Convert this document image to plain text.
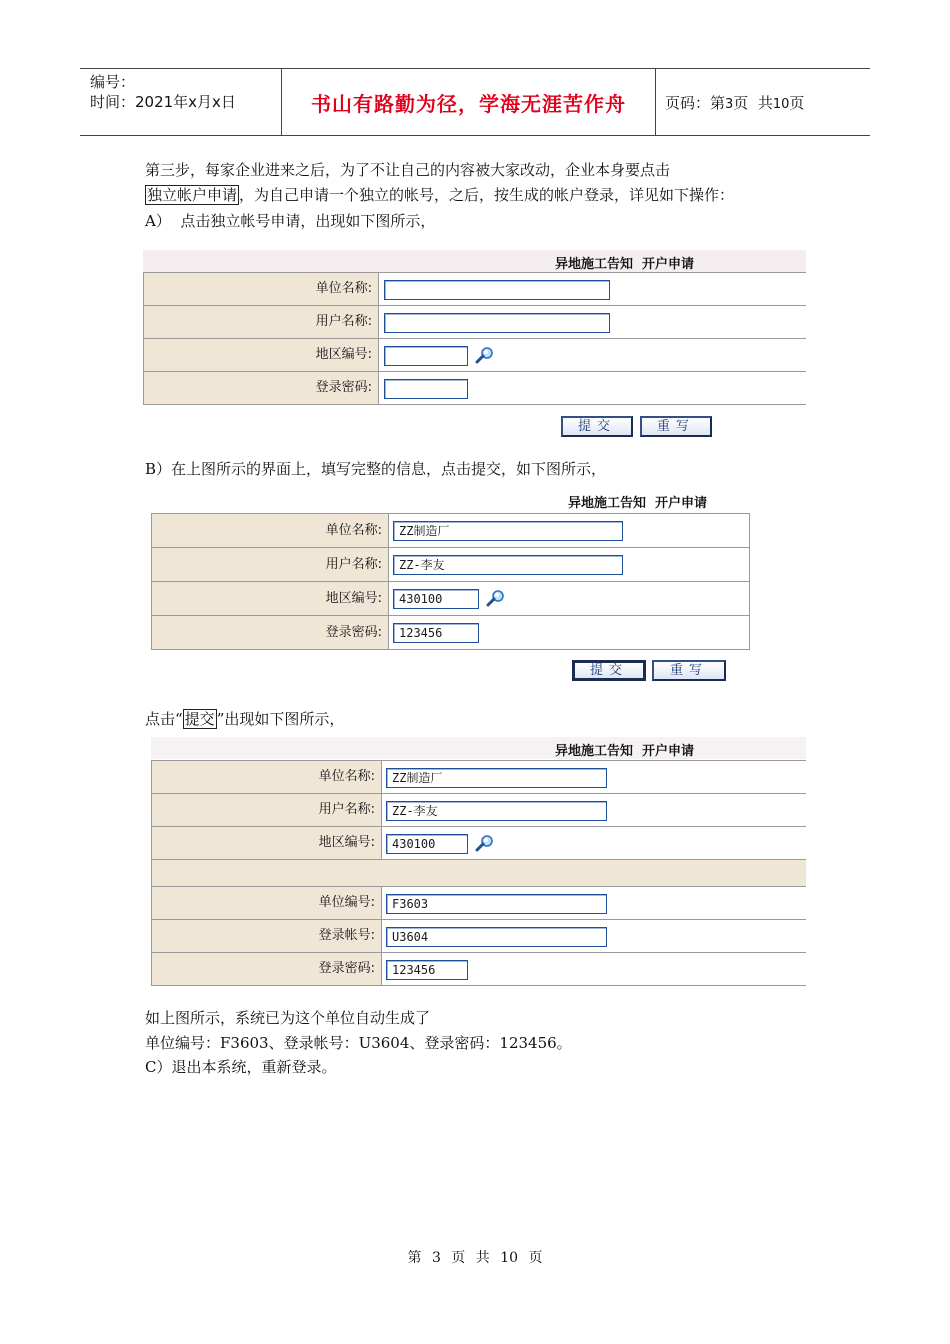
编号：
时间：2021年x月x日	书山有路勤为径，学海无涯苦作舟	页码：第3页  共10页
第三步，每家企业进来之后，为了不让自己的内容被大家改动，企业本身要点击
独立帐户申请 ，为自己申请一个独立的帐号，之后，按生成的帐户登录，详见如下操作：
A）  点击独立帐号申请，出现如下图所示，
异地施工告知  开户申请
单位名称:
用户名称:
地区编号:
登录密码:
提交	重写
B）在上图所示的界面上，填写完整的信息，点击提交，如下图所示，
异地施工告知  开户申请
单位名称:	ZZ制造厂
用户名称:	ZZ-李友
地区编号:	430100
登录密码:	123456
提交	重写
点击“ 提交 ”出现如下图所示，
异地施工告知  开户申请
单位名称:	ZZ制造厂
用户名称:	ZZ-李友
地区编号:	430100
单位编号:	F3603
登录帐号:	U3604
登录密码:	123456
如上图所示，系统已为这个单位自动生成了
单位编号：F3603、登录帐号：U3604、登录密码：123456。
C）退出本系统，重新登录。
第 3 页 共 10 页
